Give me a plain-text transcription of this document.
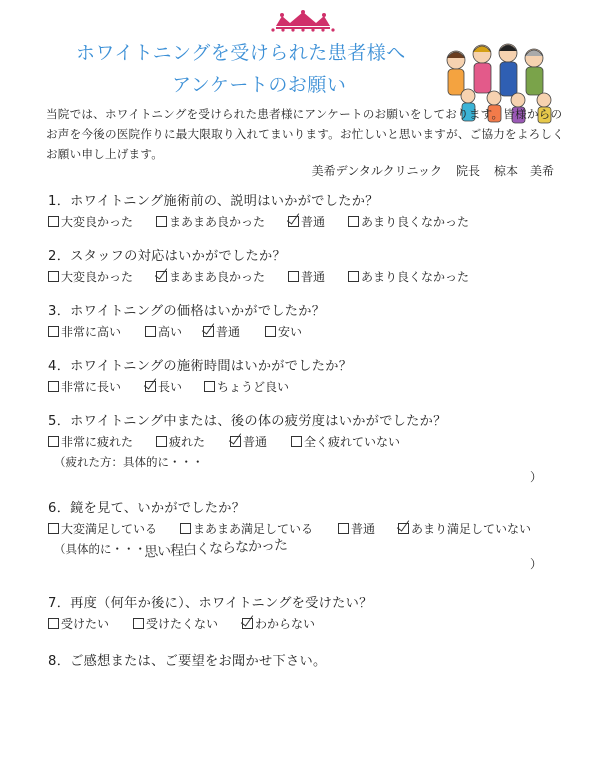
ホワイトニングを受けられた患者様へ
アンケートのお願い
当院では、ホワイトニングを受けられた患者様にアンケートのお願いをしております。皆様からのお声を今後の医院作りに最大限取り入れてまいります。お忙しいと思いますが、ご協力をよろしくお願い申し上げます。
美希デンタルクリニック 院長 椋本　美希
1．ホワイトニング施術前の、説明はいかがでしたか？
大変良かった	まあまあ良かった	普通	あまり良くなかった
2．スタッフの対応はいかがでしたか？
大変良かった	まあまあ良かった	普通	あまり良くなかった
3．ホワイトニングの価格はいかがでしたか？
非常に高い	高い	普通	安い
4．ホワイトニングの施術時間はいかがでしたか？
非常に長い	長い	ちょうど良い
5．ホワイトニング中または、後の体の疲労度はいかがでしたか？
非常に疲れた	疲れた	普通	全く疲れていない
（疲れた方：具体的に・・・
）
6．鏡を見て、いかがでしたか？
大変満足している	まあまあ満足している	普通	あまり満足していない
（具体的に・・・
）
思い程白くならなかった
7．再度（何年か後に）、ホワイトニングを受けたい？
受けたい	受けたくない	わからない
8．ご感想または、ご要望をお聞かせ下さい。
